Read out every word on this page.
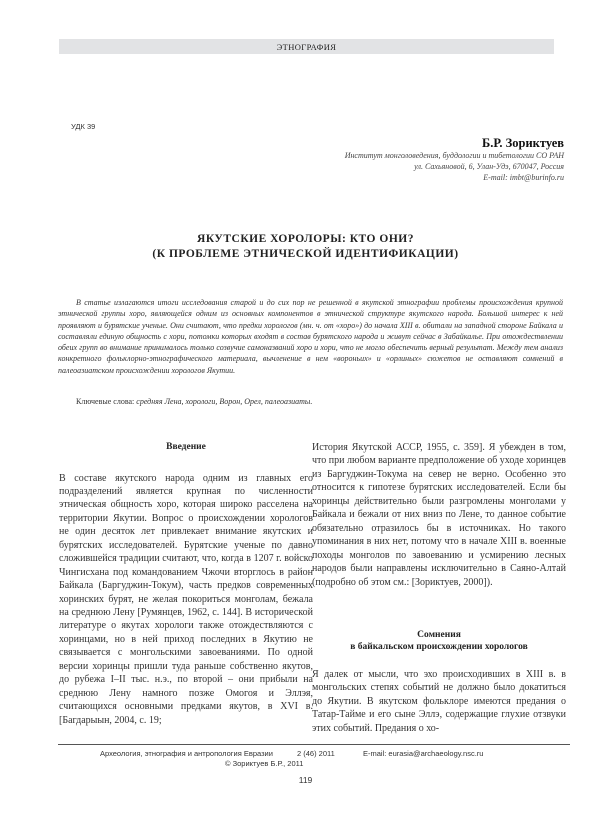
ЭТНОГРАФИЯ
УДК 39
Б.Р. Зориктуев
Институт монголоведения, буддологии и тибетологии СО РАН
ул. Сахьяновой, 6, Улан-Удэ, 670047, Россия
E-mail: imbt@burinfo.ru
ЯКУТСКИЕ ХОРОЛОРЫ: КТО ОНИ?
(К ПРОБЛЕМЕ ЭТНИЧЕСКОЙ ИДЕНТИФИКАЦИИ)
В статье излагаются итоги исследования старой и до сих пор не решенной в якутской этнографии проблемы происхождения крупной этнической группы хоро, являющейся одним из основных компонентов в этнической структуре якутского народа. Большой интерес к ней проявляют и бурятские ученые. Они считают, что предки хорологов (мн. ч. от «хоро») до начала XIII в. обитали на западной стороне Байкала и составляли единую общность с хори, потомки которых входят в состав бурятского народа и живут сейчас в Забайкалье. При отождествлении обеих групп во внимание принималось только созвучие самоназваний хоро и хори, что не могло обеспечить верный результат. Между тем анализ конкретного фольклорно-этнографического материала, вычленение в нем «вороньих» и «орлиных» сюжетов не оставляют сомнений в палеоазиатском происхождении хорологов Якутии.
Ключевые слова: средняя Лена, хорологи, Ворон, Орел, палеоазиаты.
Введение

В составе якутского народа одним из главных его подразделений является крупная по численности этническая общность хоро, которая широко расселена на территории Якутии. Вопрос о происхождении хорологов не один десяток лет привлекает внимание якутских и бурятских исследователей. Бурятские ученые по давно сложившейся традиции считают, что, когда в 1207 г. войско Чингисхана под командованием Чжочи вторглось в район Байкала (Баргуджин-Токум), часть предков современных хоринских бурят, не желая покориться монголам, бежала на среднюю Лену [Румянцев, 1962, с. 144]. В исторической литературе о якутах хорологи также отождествляются с хоринцами, но в ней приход последних в Якутию не связывается с монгольскими завоеваниями. По одной версии хоринцы пришли туда раньше собственно якутов, до рубежа I–II тыс. н.э., по второй – они прибыли на среднюю Лену намного позже Омогоя и Эллэя, считающихся основными предками якутов, в XVI в. [Багдарыын, 2004, с. 19;

История Якутской АССР, 1955, с. 359]. Я убежден в том, что при любом варианте предположение об уходе хоринцев из Баргуджин-Токума на север не верно. Особенно это относится к гипотезе бурятских исследователей. Если бы хоринцы действительно были разгромлены монголами у Байкала и бежали от них вниз по Лене, то данное событие обязательно отразилось бы в источниках. Но такого упоминания в них нет, потому что в начале XIII в. военные походы монголов по завоеванию и усмирению лесных народов были направлены исключительно в Саяно-Алтай (подробно об этом см.: [Зориктуев, 2000]).

Сомнения
в байкальском происхождении хорологов

Я далек от мысли, что эхо происходивших в XIII в. в монгольских степях событий не должно было докатиться до Якутии. В якутском фольклоре имеются предания о Татар-Тайме и его сыне Эллэ, содержащие глухие отзвуки этих событий. Предания о хо-

Археология, этнография и антропология Евразии	2 (46) 2011	E-mail: eurasia@archaeology.nsc.ru
© Зориктуев Б.Р., 2011
119
